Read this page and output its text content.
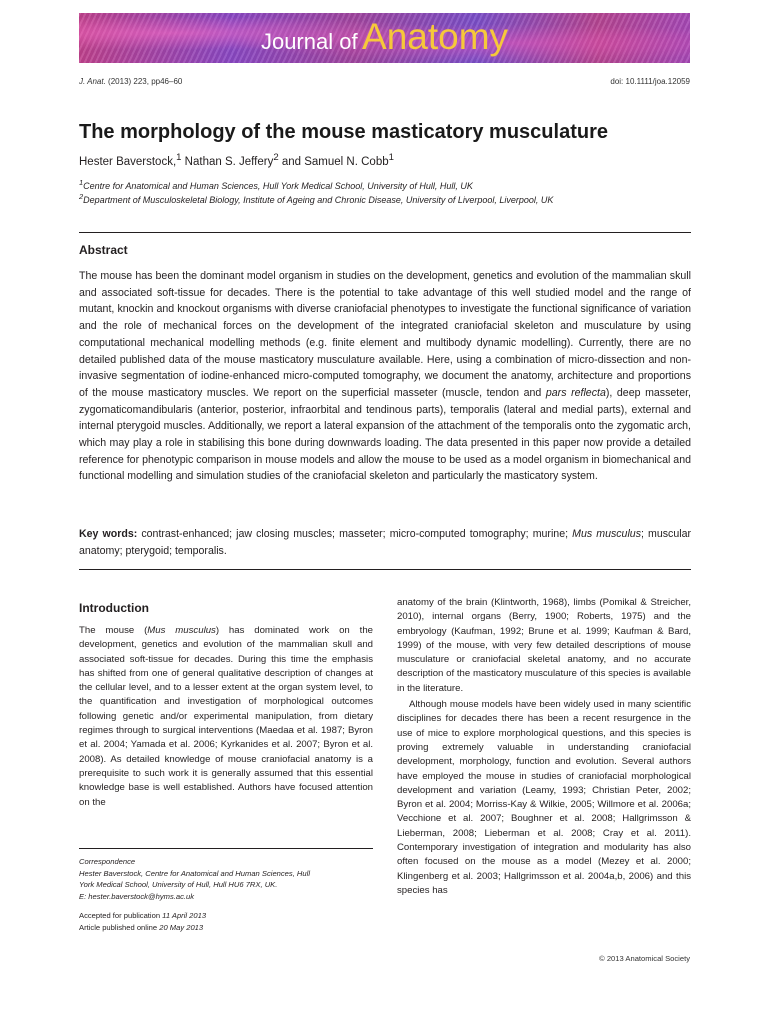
Journal of Anatomy
J. Anat. (2013) 223, pp46–60	doi: 10.1111/joa.12059
The morphology of the mouse masticatory musculature
Hester Baverstock,$^1$ Nathan S. Jeffery$^2$ and Samuel N. Cobb$^1$
$^1$Centre for Anatomical and Human Sciences, Hull York Medical School, University of Hull, Hull, UK
$^2$Department of Musculoskeletal Biology, Institute of Ageing and Chronic Disease, University of Liverpool, Liverpool, UK
Abstract

The mouse has been the dominant model organism in studies on the development, genetics and evolution of the mammalian skull and associated soft-tissue for decades. There is the potential to take advantage of this well studied model and the range of mutant, knockin and knockout organisms with diverse craniofacial phenotypes to investigate the functional significance of variation and the role of mechanical forces on the development of the integrated craniofacial skeleton and musculature by using computational mechanical modelling methods (e.g. finite element and multibody dynamic modelling). Currently, there are no detailed published data of the mouse masticatory musculature available. Here, using a combination of micro-dissection and non-invasive segmentation of iodine-enhanced micro-computed tomography, we document the anatomy, architecture and proportions of the mouse masticatory muscles. We report on the superficial masseter (muscle, tendon and pars reflecta), deep masseter, zygomaticomandibularis (anterior, posterior, infraorbital and tendinous parts), temporalis (lateral and medial parts), external and internal pterygoid muscles. Additionally, we report a lateral expansion of the attachment of the temporalis onto the zygomatic arch, which may play a role in stabilising this bone during downwards loading. The data presented in this paper now provide a detailed reference for phenotypic comparison in mouse models and allow the mouse to be used as a model organism in biomechanical and functional modelling and simulation studies of the craniofacial skeleton and particularly the masticatory system.

Key words: contrast-enhanced; jaw closing muscles; masseter; micro-computed tomography; murine; Mus musculus; muscular anatomy; pterygoid; temporalis.

Introduction

The mouse (Mus musculus) has dominated work on the development, genetics and evolution of the mammalian skull and associated soft-tissue for decades. During this time the emphasis has shifted from one of general qualitative description of changes at the cellular level, and to a lesser extent at the organ system level, to the quantification and investigation of morphological outcomes following genetic and/or experimental manipulation, from dietary regimes through to surgical interventions (Maedaa et al. 1987; Byron et al. 2004; Yamada et al. 2006; Kyrkanides et al. 2007; Byron et al. 2008). As detailed knowledge of mouse craniofacial anatomy is a prerequisite to such work it is generally assumed that this essential knowledge base is well established. Authors have focused attention on the

anatomy of the brain (Klintworth, 1968), limbs (Pomikal & Streicher, 2010), internal organs (Berry, 1900; Roberts, 1975) and the embryology (Kaufman, 1992; Brune et al. 1999; Kaufman & Bard, 1999) of the mouse, with very few detailed descriptions of mouse musculature or craniofacial skeletal anatomy, and no accurate description of the masticatory musculature of this species is available in the literature.

Although mouse models have been widely used in many scientific disciplines for decades there has been a recent resurgence in the use of mice to explore morphological questions, and this species is proving extremely valuable in understanding craniofacial development, morphology, function and evolution. Several authors have employed the mouse in studies of craniofacial morphological development and variation (Leamy, 1993; Christian Peter, 2002; Byron et al. 2004; Morriss-Kay & Wilkie, 2005; Willmore et al. 2006a; Vecchione et al. 2007; Boughner et al. 2008; Hallgrimsson & Lieberman, 2008; Lieberman et al. 2008; Cray et al. 2011). Contemporary investigation of integration and modularity has also often focused on the mouse as a model (Mezey et al. 2000; Klingenberg et al. 2003; Hallgrimsson et al. 2004a,b, 2006) and this species has

Correspondence
Hester Baverstock, Centre for Anatomical and Human Sciences, Hull
York Medical School, University of Hull, Hull HU6 7RX, UK.
E: hester.baverstock@hyms.ac.uk
Accepted for publication 11 April 2013
Article published online 20 May 2013
© 2013 Anatomical Society
